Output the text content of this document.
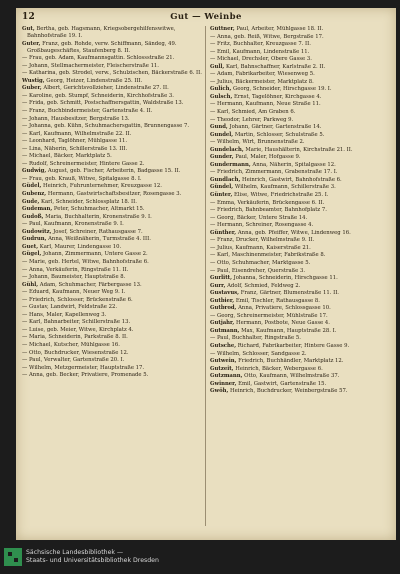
12	Gut — Weinbe
Gut, Bertha, geb. Hagsmann, Kriegsobergehilfenswitwe, Bahnhofstraße 19. I.
Guter, Franz, geb. Rohde, verw. Schiffmann, Sändeg, 49. Großbaugeschäftes, Staufenberg 8. II.
— Frau, geb. Adam, Kaufmannsgattin. Schlossstraße 21.
— Johann, Stellmachermeister, Fleischerstraße 11.
— Katharina, geb. Strodel, verw., Schulzischen, Bäckerstraße 6. II.
Wustig, Georg, Heizer, Lindenstraße 25. III.
Guber, Albert, Gerichtsvollzieher, Lindenstraße 27. II.
— Karoline, geb. Stumpf, Schneiderin, Kirchhofstraße 3.
— Frida, geb. Schmitt, Postschaffnersgattin, Waldstraße 13.
— Franz, Buchbindermeister, Gartenstraße 4. II.
— Johann, Hausbesitzer, Bergstraße 13.
— Johanna, geb. Kühn, Schuhmachersgattin, Brunnengasse 7.
— Karl, Kaufmann, Wilhelmstraße 22. II.
— Leonhard, Taglöhner, Mühlgasse 11.
— Lina, Näherin, Schillerstraße 13. III.
— Michael, Bäcker, Marktplatz 5.
— Rudolf, Schreinermeister, Hintere Gasse 2.
Gudwig, August, geb. Fischer, Arbeiterin, Badgasse 15. II.
— Frau, geb. Krauß, Witwe, Spitalgasse 8. I.
Güdel, Heinrich, Fuhrunternehmer, Kreuzgasse 12.
Gubenz, Hermann, Gastwirtschaftsbesitzer, Rosengasse 3.
Gude, Karl, Schneider, Schlossplatz 18. II.
Gudeman, Peter, Schuhmacher, Altmarkt 15.
Gudoß, Maria, Buchhalterin, Kronenstraße 9. I.
— Paul, Kaufmann, Kronenstraße 9. I.
Gudowitz, Josef, Schreiner, Rathausgasse 7.
Gudrun, Anna, Weißnäherin, Turmstraße 4. III.
Guet, Karl, Maurer, Lindengasse 10.
Gügel, Johann, Zimmermann, Untere Gasse 2.
— Marie, geb. Hertel, Witwe, Bahnhofstraße 6.
— Anna, Verkäuferin, Ringstraße 11. II.
— Johann, Baumeister, Hauptstraße 8.
Gühl, Adam, Schuhmacher, Färbergasse 13.
— Eduard, Kaufmann, Neuer Weg 9. I.
— Friedrich, Schlosser, Brückenstraße 6.
— Gustav, Landwirt, Feldstraße 22.
— Hans, Maler, Kapellenweg 3.
— Karl, Bahnarbeiter, Schillerstraße 13.
— Luise, geb. Meier, Witwe, Kirchplatz 4.
— Maria, Schneiderin, Parkstraße 8. II.
— Michael, Kutscher, Mühlgasse 16.
— Otto, Buchdrucker, Wiesenstraße 12.
— Paul, Verwalter, Gartenstraße 20. I.
— Wilhelm, Metzgermeister, Hauptstraße 17.
— Anna, geb. Becker, Privatiere, Promenade 5.
Güttner, Paul, Arbeiter, Mühlgasse 18. II.
— Anna, geb. Reiß, Witwe, Bergstraße 17.
— Fritz, Buchhalter, Kreuzgasse 7. II.
— Emil, Kaufmann, Lindenstraße 11.
— Michael, Drechsler, Obere Gasse 3.
Gull, Karl, Bahnschaffner, Karlstraße 2. II.
— Adam, Fabrikarbeiter, Wiesenweg 5.
— Julius, Bäckermeister, Marktplatz 8.
Gulich, Georg, Schneider, Hirschgasse 19. I.
Gulsch, Ernst, Tagelöhner, Kirchgasse 4.
— Hermann, Kaufmann, Neue Straße 11.
— Karl, Schmied, Am Graben 6.
— Theodor, Lehrer, Parkweg 9.
Gund, Johann, Gärtner, Gartenstraße 14.
Gundel, Martin, Schlosser, Schulstraße 5.
— Wilhelm, Wirt, Brunnenstraße 2.
Gundelach, Marie, Haushälterin, Kirchstraße 21. II.
Gunder, Paul, Maler, Hofgasse 9.
Gundermann, Anna, Näherin, Spitalgasse 12.
— Friedrich, Zimmermann, Grabenstraße 17. I.
Gundlach, Heinrich, Gastwirt, Bahnhofstraße 6.
Gündel, Wilhelm, Kaufmann, Schillerstraße 3.
Günter, Elise, Witwe, Friedrichstraße 25. I.
— Emma, Verkäuferin, Brückengasse 6. II.
— Friedrich, Bahnbeamter, Bahnhofplatz 7.
— Georg, Bäcker, Untere Straße 14.
— Hermann, Schreiner, Rosengasse 4.
Günther, Anna, geb. Pfeiffer, Witwe, Lindenweg 16.
— Franz, Drucker, Wilhelmstraße 9. II.
— Julius, Kaufmann, Kaiserstraße 21.
— Karl, Maschinenmeister, Fabrikstraße 8.
— Otto, Schuhmacher, Marktgasse 5.
— Paul, Eisendreher, Querstraße 3.
Gurlitt, Johanna, Schneiderin, Hirschgasse 11.
Gurr, Adolf, Schmied, Feldweg 2.
Gustavus, Franz, Gärtner, Blumenstraße 11. II.
Gutbier, Emil, Tischler, Rathausgasse 8.
Gutbrod, Anna, Privatiere, Schlossgasse 10.
— Georg, Schreinermeister, Mühlstraße 17.
Gutjahr, Hermann, Postbote, Neue Gasse 4.
Gutmann, Max, Kaufmann, Hauptstraße 28. I.
— Paul, Buchhalter, Ringstraße 5.
Gutsche, Richard, Fabrikarbeiter, Hintere Gasse 9.
— Wilhelm, Schlosser, Sandgasse 2.
Gutwein, Friedrich, Buchhändler, Marktplatz 12.
Gutzeit, Heinrich, Bäcker, Webergasse 6.
Gutzmann, Otto, Kaufmann, Wilhelmstraße 37.
Gwinner, Emil, Gastwirt, Gartenstraße 15.
Gwöh, Heinrich, Buchdrucker, Weinbergstraße 57.
Sächsische Landesbibliothek —
Staats- und Universitätsbibliothek Dresden
